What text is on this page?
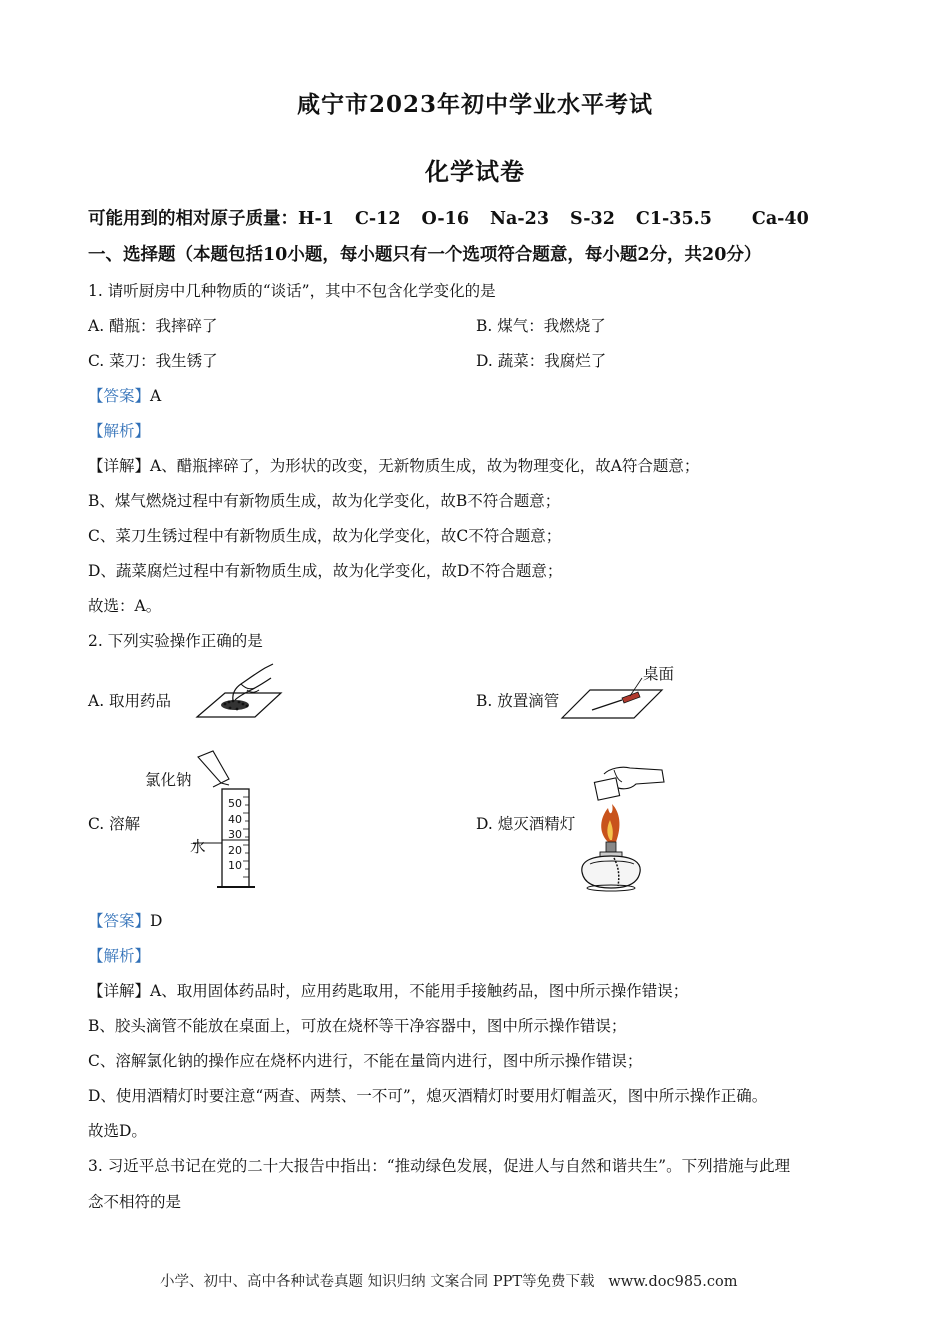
咸宁市2023年初中学业水平考试
化学试卷
可能用到的相对原子质量：H-1 C-12 O-16 Na-23 S-32 C1-35.5 Ca-40
一、选择题（本题包括10小题，每小题只有一个选项符合题意，每小题2分，共20分）
1. 请听厨房中几种物质的“谈话”，其中不包含化学变化的是
A. 醋瓶：我摔碎了	B. 煤气：我燃烧了
C. 菜刀：我生锈了	D. 蔬菜：我腐烂了
【答案】A
【解析】
【详解】A、醋瓶摔碎了，为形状的改变，无新物质生成，故为物理变化，故A符合题意；
B、煤气燃烧过程中有新物质生成，故为化学变化，故B不符合题意；
C、菜刀生锈过程中有新物质生成，故为化学变化，故C不符合题意；
D、蔬菜腐烂过程中有新物质生成，故为化学变化，故D不符合题意；
故选：A。
2. 下列实验操作正确的是
A. 取用药品	B. 放置滴管
C. 溶解	D. 熄灭酒精灯
桌面
氯化钠
水
50
40
30
20
10
【答案】D
【解析】
【详解】A、取用固体药品时，应用药匙取用，不能用手接触药品，图中所示操作错误；
B、胶头滴管不能放在桌面上，可放在烧杯等干净容器中，图中所示操作错误；
C、溶解氯化钠的操作应在烧杯内进行，不能在量筒内进行，图中所示操作错误；
D、使用酒精灯时要注意“两查、两禁、一不可”，熄灭酒精灯时要用灯帽盖灭，图中所示操作正确。
故选D。
3. 习近平总书记在党的二十大报告中指出：“推动绿色发展，促进人与自然和谐共生”。下列措施与此理
念不相符的是
小学、初中、高中各种试卷真题 知识归纳 文案合同 PPT等免费下载 www.doc985.com
